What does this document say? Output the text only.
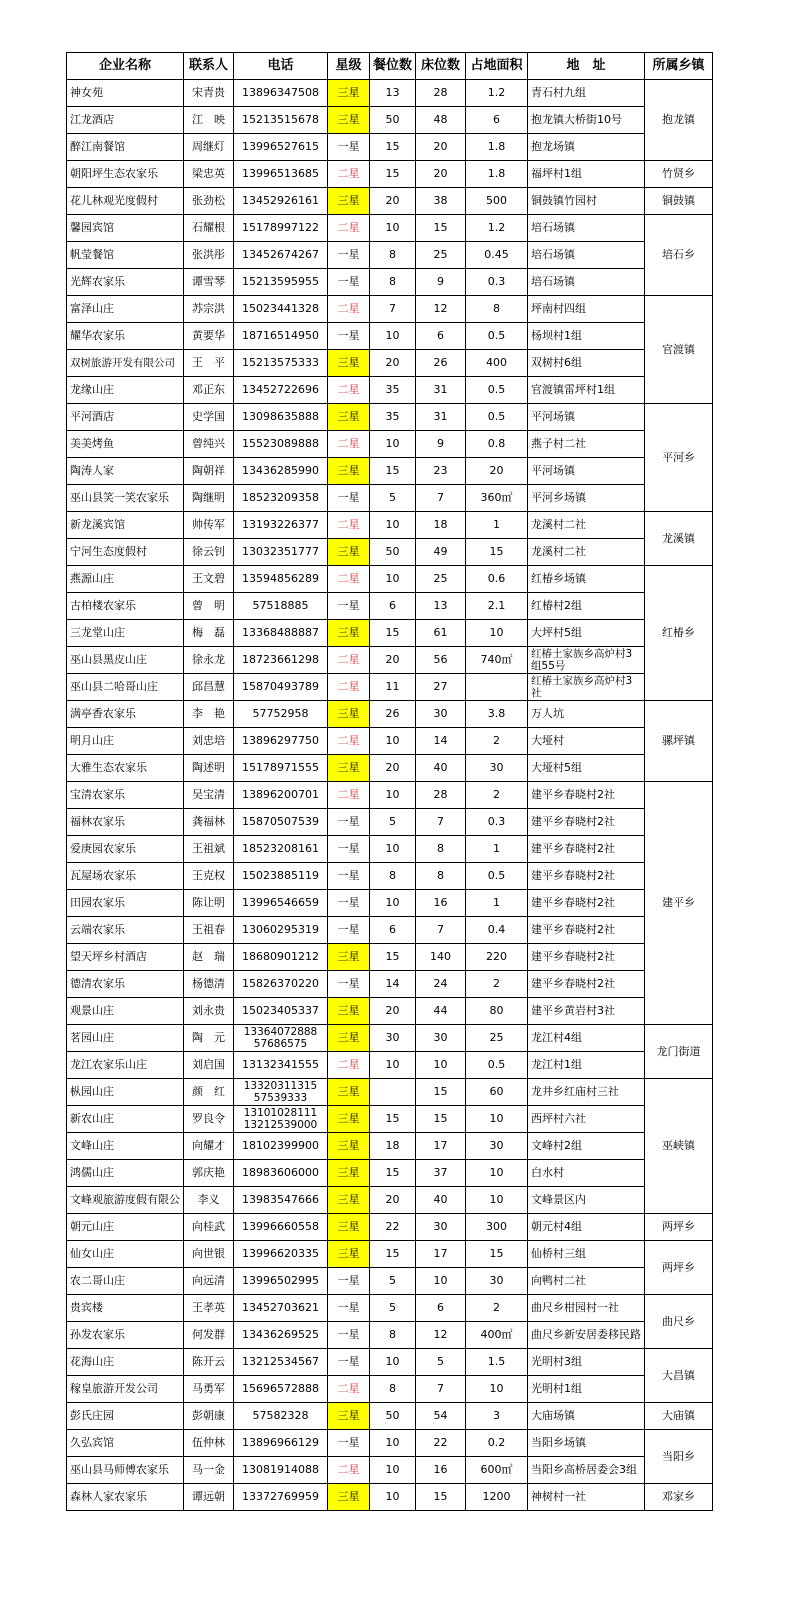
企业名称	联系人	电话	星级	餐位数	床位数	占地面积	地　址	所属乡镇
神女苑	宋青贵	13896347508	三星	13	28	1.2	青石村九组	抱龙镇
江龙酒店	江　映	15213515678	三星	50	48	6	抱龙镇大桥街10号	
醉江南餐馆	周继灯	13996527615	一星	15	20	1.8	抱龙场镇	
朝阳坪生态农家乐	梁忠英	13996513685	二星	15	20	1.8	福坪村1组	竹贤乡
花儿林观光度假村	张劲松	13452926161	三星	20	38	500	铜鼓镇竹园村	铜鼓镇
馨园宾馆	石耀根	15178997122	二星	10	15	1.2	培石场镇	培石乡
帆莹餐馆	张洪彤	13452674267	一星	8	25	0.45	培石场镇	
光辉农家乐	谭雪琴	15213595955	一星	8	9	0.3	培石场镇	
富泽山庄	苏宗洪	15023441328	二星	7	12	8	坪南村四组	官渡镇
耀华农家乐	黄要华	18716514950	一星	10	6	0.5	杨坝村1组	
双树旅游开发有限公司	王　平	15213575333	三星	20	26	400	双树村6组	
龙缘山庄	邓正东	13452722696	二星	35	31	0.5	官渡镇雷坪村1组	
平河酒店	史学国	13098635888	三星	35	31	0.5	平河场镇	平河乡
美美烤鱼	曾纯兴	15523089888	二星	10	9	0.8	燕子村二社	
陶涛人家	陶朝祥	13436285990	三星	15	23	20	平河场镇	
巫山县笑一笑农家乐	陶继明	18523209358	一星	5	7	360㎡	平河乡场镇	
新龙溪宾馆	帅传军	13193226377	二星	10	18	1	龙溪村二社	龙溪镇
宁河生态度假村	徐云钊	13032351777	三星	50	49	15	龙溪村二社	
燕源山庄	王文碧	13594856289	二星	10	25	0.6	红椿乡场镇	红椿乡
古柏楼农家乐	曾　明	57518885	一星	6	13	2.1	红椿村2组	
三龙堂山庄	梅　磊	13368488887	三星	15	61	10	大坪村5组	
巫山县黑皮山庄	徐永龙	18723661298	二星	20	56	740㎡	红椿土家族乡高炉村3组55号	
巫山县二哈哥山庄	邱昌慧	15870493789	二星	11	27		红椿土家族乡高炉村3社	
满亭香农家乐	李　艳	57752958	三星	26	30	3.8	万人坑	骡坪镇
明月山庄	刘忠培	13896297750	二星	10	14	2	大垭村	
大雅生态农家乐	陶述明	15178971555	三星	20	40	30	大垭村5组	
宝清农家乐	吴宝清	13896200701	二星	10	28	2	建平乡春晓村2社	建平乡
福林农家乐	龚福林	15870507539	一星	5	7	0.3	建平乡春晓村2社	
爱庚园农家乐	王祖斌	18523208161	一星	10	8	1	建平乡春晓村2社	
瓦屋场农家乐	王克权	15023885119	一星	8	8	0.5	建平乡春晓村2社	
田园农家乐	陈让明	13996546659	一星	10	16	1	建平乡春晓村2社	
云端农家乐	王祖春	13060295319	一星	6	7	0.4	建平乡春晓村2社	
望天坪乡村酒店	赵　瑞	18680901212	三星	15	140	220	建平乡春晓村2社	
德清农家乐	杨德清	15826370220	一星	14	24	2	建平乡春晓村2社	
观景山庄	刘永贵	15023405337	三星	20	44	80	建平乡黄岩村3社	
茗园山庄	陶　元	13364072888 57686575	三星	30	30	25	龙江村4组	龙门街道
龙江农家乐山庄	刘启国	13132341555	二星	10	10	0.5	龙江村1组	
枞园山庄	颜　红	13320311315 57539333	三星		15	60	龙井乡红庙村三社	巫峡镇
新农山庄	罗良令	13101028111 13212539000	三星	15	15	10	西坪村六社	
文峰山庄	向耀才	18102399900	三星	18	17	30	文峰村2组	
鸿儒山庄	郭庆艳	18983606000	三星	15	37	10	白水村	
文峰观旅游度假有限公	李义	13983547666	三星	20	40	10	文峰景区内	
朝元山庄	向桂武	13996660558	三星	22	30	300	朝元村4组	两坪乡
仙女山庄	向世银	13996620335	三星	15	17	15	仙桥村三组	两坪乡
农二哥山庄	向远清	13996502995	一星	5	10	30	向鸭村二社	
贵宾楼	王孝英	13452703621	一星	5	6	2	曲尺乡柑园村一社	曲尺乡
孙发农家乐	何发群	13436269525	一星	8	12	400㎡	曲尺乡新安居委移民路	
花海山庄	陈开云	13212534567	一星	10	5	1.5	光明村3组	大昌镇
稼皇旅游开发公司	马勇军	15696572888	二星	8	7	10	光明村1组	
彭氏庄园	彭朝康	57582328	三星	50	54	3	大庙场镇	大庙镇
久弘宾馆	伍仲林	13896966129	一星	10	22	0.2	当阳乡场镇	当阳乡
巫山县马师傅农家乐	马一金	13081914088	二星	10	16	600㎡	当阳乡高桥居委会3组	
森林人家农家乐	谭远朝	13372769959	三星	10	15	1200	神树村一社	邓家乡
